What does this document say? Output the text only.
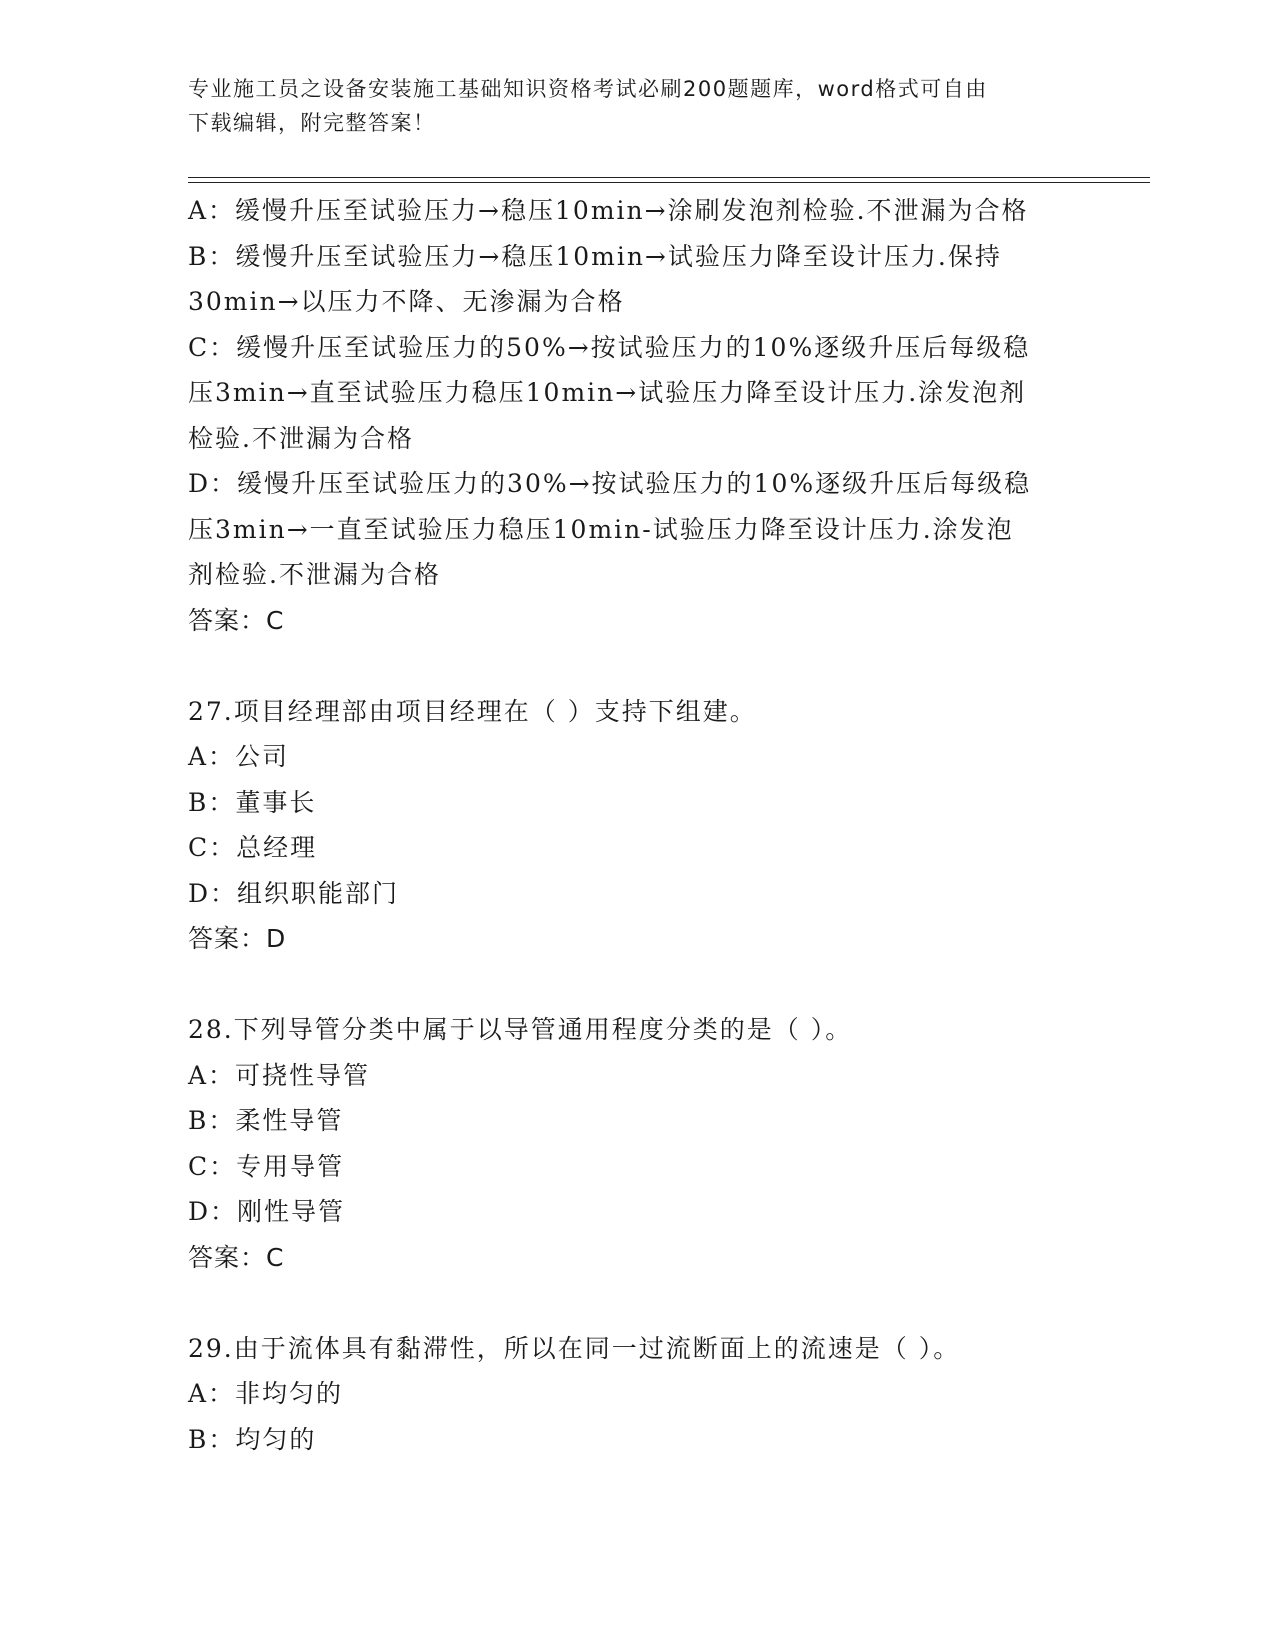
专业施工员之设备安装施工基础知识资格考试必刷200题题库，word格式可自由
下载编辑，附完整答案！
A：缓慢升压至试验压力→稳压10min→涂刷发泡剂检验.不泄漏为合格
B：缓慢升压至试验压力→稳压10min→试验压力降至设计压力.保持
30min→以压力不降、无渗漏为合格
C：缓慢升压至试验压力的50%→按试验压力的10%逐级升压后每级稳
压3min→直至试验压力稳压10min→试验压力降至设计压力.涂发泡剂
检验.不泄漏为合格
D：缓慢升压至试验压力的30%→按试验压力的10%逐级升压后每级稳
压3min→一直至试验压力稳压10min-试验压力降至设计压力.涂发泡
剂检验.不泄漏为合格
答案：C
27.项目经理部由项目经理在（ ）支持下组建。
A：公司
B：董事长
C：总经理
D：组织职能部门
答案：D
28.下列导管分类中属于以导管通用程度分类的是（ ）。
A：可挠性导管
B：柔性导管
C：专用导管
D：刚性导管
答案：C
29.由于流体具有黏滞性，所以在同一过流断面上的流速是（ ）。
A：非均匀的
B：均匀的
